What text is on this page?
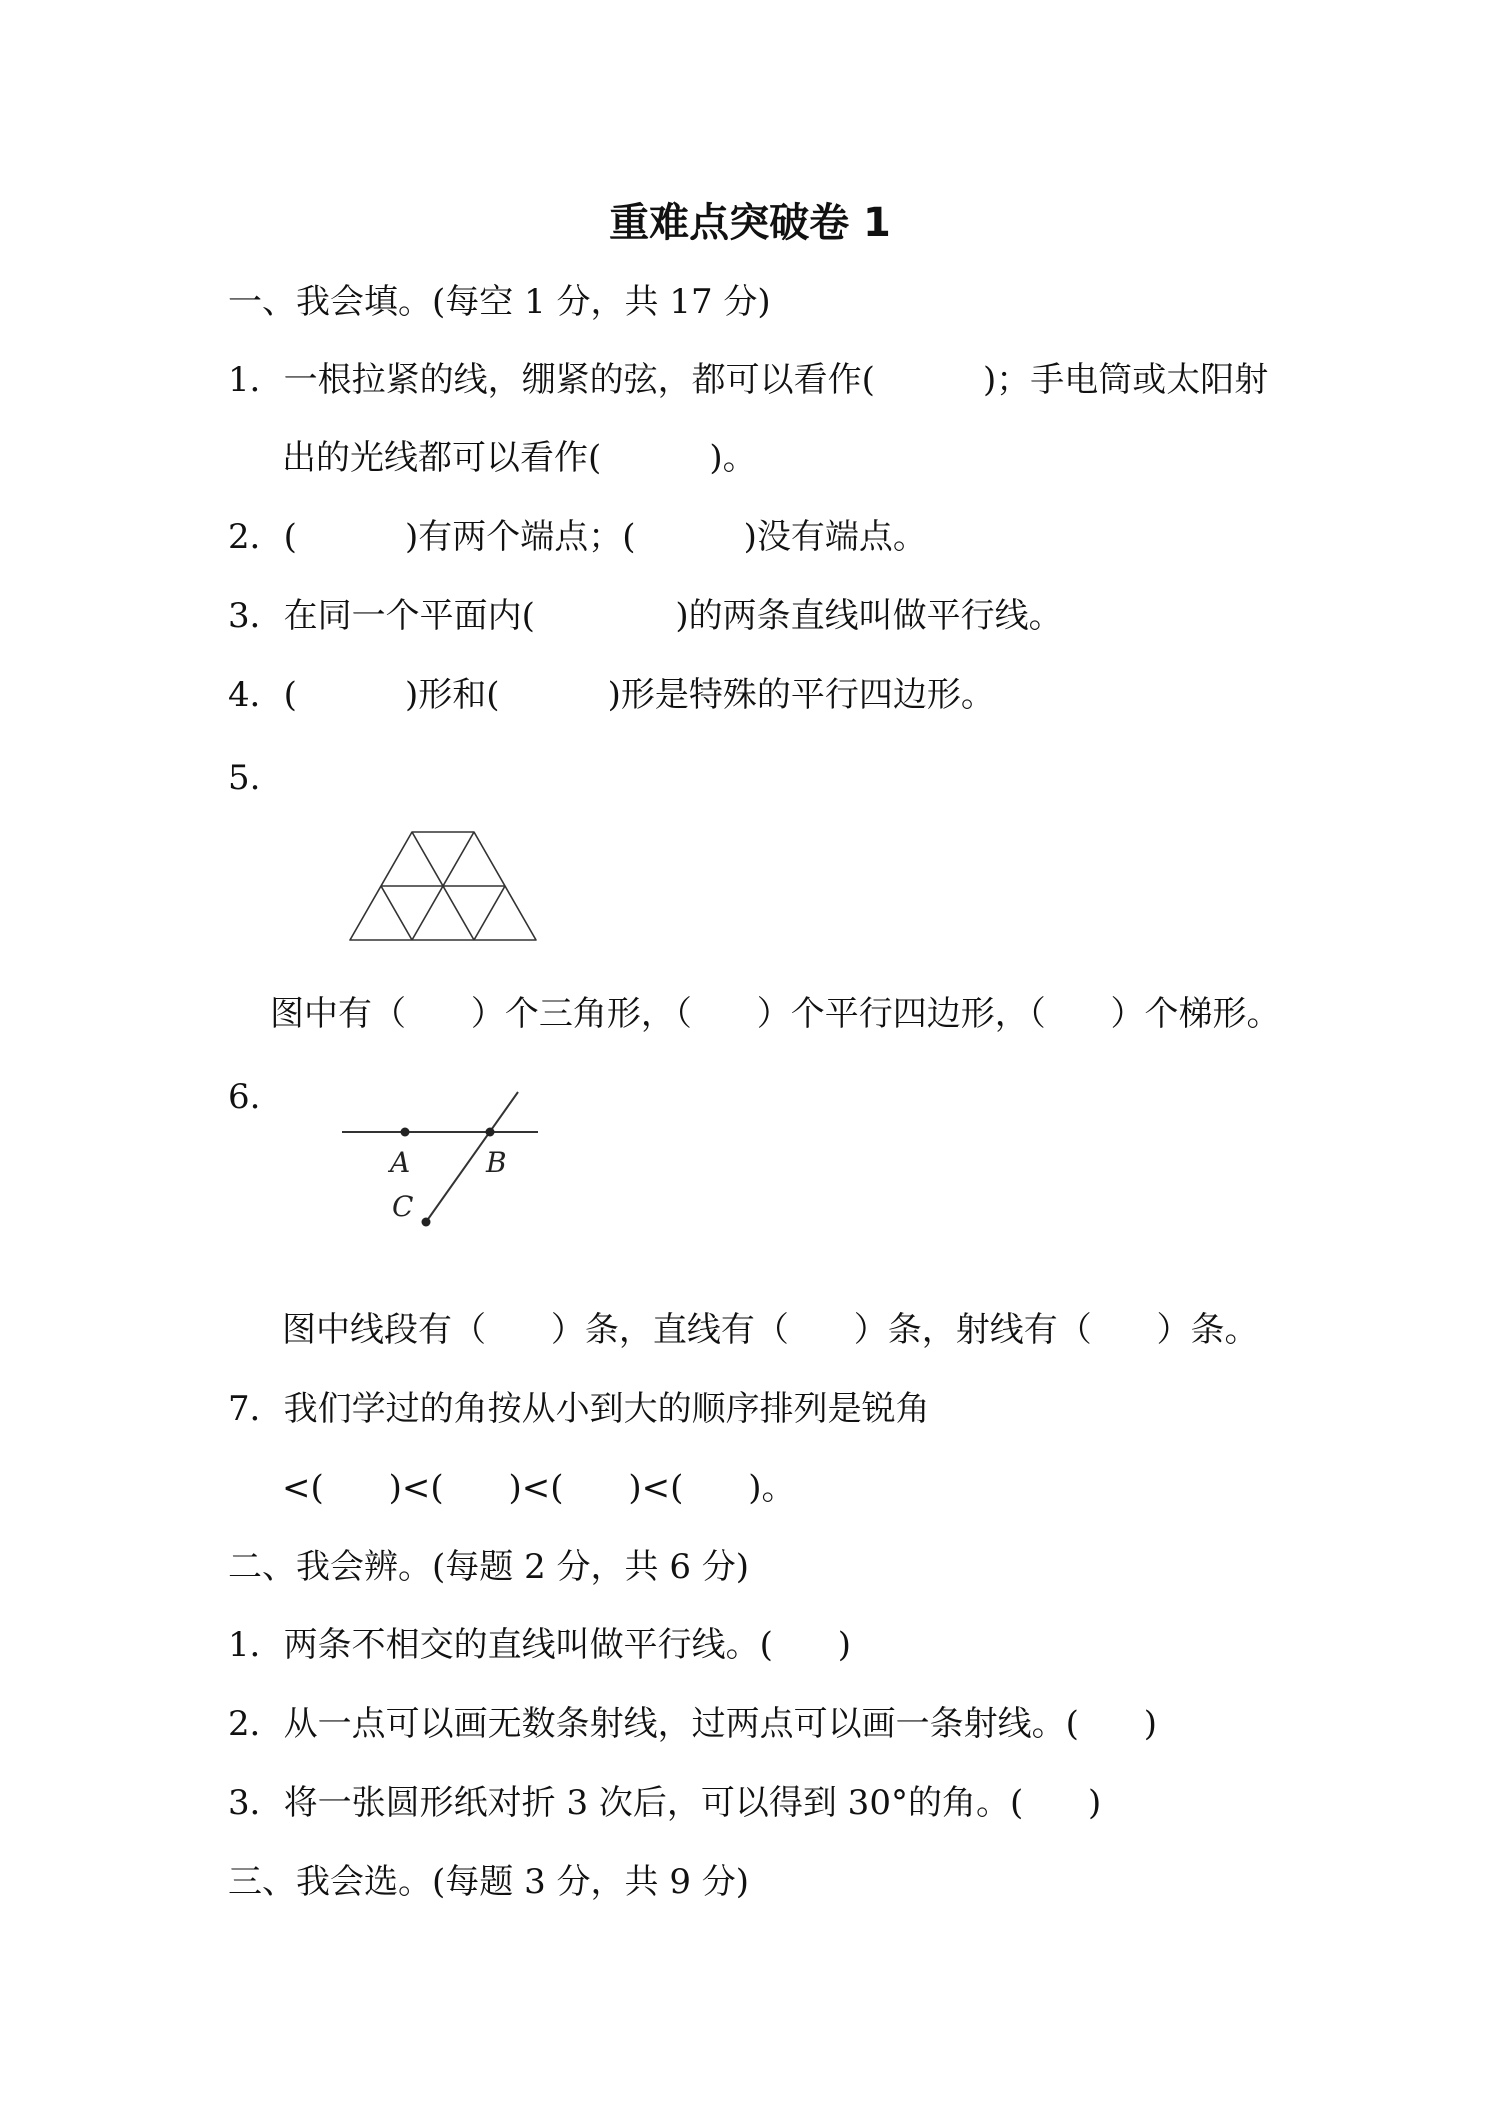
重难点突破卷 1
一、我会填。(每空 1 分，共 17 分)
1．一根拉紧的线，绷紧的弦，都可以看作(          )；手电筒或太阳射
出的光线都可以看作(          )。
2．(          )有两个端点；(          )没有端点。
3．在同一个平面内(             )的两条直线叫做平行线。
4．(          )形和(          )形是特殊的平行四边形。
5.
图中有（      ）个三角形，（      ）个平行四边形，（      ）个梯形。
6.
A	B
C
图中线段有（      ）条，直线有（      ）条，射线有（      ）条。
7．我们学过的角按从小到大的顺序排列是锐角
<(      )<(      )<(      )<(      )。
二、我会辨。(每题 2 分，共 6 分)
1．两条不相交的直线叫做平行线。(      )
2．从一点可以画无数条射线，过两点可以画一条射线。(      )
3．将一张圆形纸对折 3 次后，可以得到 30°的角。(      )
三、我会选。(每题 3 分，共 9 分)
